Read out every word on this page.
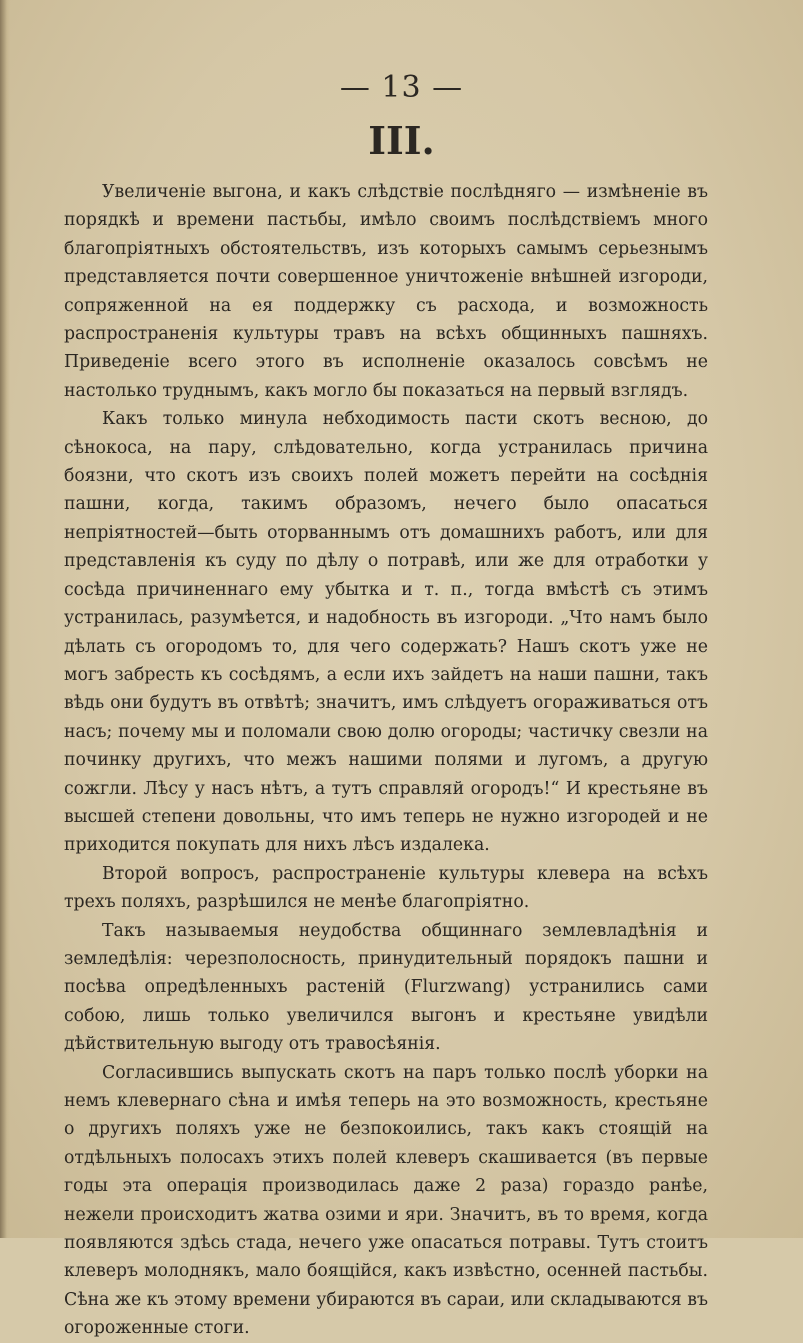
— 13 —
III.

Увеличеніе выгона, и какъ слѣдствіе послѣдняго — измѣненіе въ порядкѣ и времени пастьбы, имѣло своимъ послѣдствіемъ много благопріятныхъ обстоятельствъ, изъ которыхъ самымъ серьезнымъ представляется почти совершенное уничтоженіе внѣшней изгороди, сопряженной на ея поддержку съ расхода, и возможность распространенія культуры травъ на всѣхъ общинныхъ пашняхъ. Приведеніе всего этого въ исполненіе оказалось совсѣмъ не настолько труднымъ, какъ могло бы показаться на первый взглядъ.

Какъ только минула небходимость пасти скотъ весною, до сѣнокоса, на пару, слѣдовательно, когда устранилась причина боязни, что скотъ изъ своихъ полей можетъ перейти на сосѣднія пашни, когда, такимъ образомъ, нечего было опасаться непріятностей—быть оторваннымъ отъ домашнихъ работъ, или для представленія къ суду по дѣлу о потравѣ, или же для отработки у сосѣда причиненнаго ему убытка и т. п., тогда вмѣстѣ съ этимъ устранилась, разумѣется, и надобность въ изгороди. „Что намъ было дѣлать съ огородомъ то, для чего содержать? Нашъ скотъ уже не могъ забресть къ сосѣдямъ, а если ихъ зайдетъ на наши пашни, такъ вѣдь они будутъ въ отвѣтѣ; значитъ, имъ слѣдуетъ огораживаться отъ насъ; почему мы и поломали свою долю огороды; частичку свезли на починку другихъ, что межъ нашими полями и лугомъ, а другую сожгли. Лѣсу у насъ нѣтъ, а тутъ справляй огородъ!“ И крестьяне въ высшей степени довольны, что имъ теперь не нужно изгородей и не приходится покупать для нихъ лѣсъ издалека.

Второй вопросъ, распространеніе культуры клевера на всѣхъ трехъ поляхъ, разрѣшился не менѣе благопріятно.

Такъ называемыя неудобства общиннаго землевладѣнія и земледѣлія: черезполосность, принудительный порядокъ пашни и посѣва опредѣленныхъ растеній (Flurzwang) устранились сами собою, лишь только увеличился выгонъ и крестьяне увидѣли дѣйствительную выгоду отъ травосѣянія.

Согласившись выпускать скотъ на паръ только послѣ уборки на немъ клевернаго сѣна и имѣя теперь на это возможность, крестьяне о другихъ поляхъ уже не безпокоились, такъ какъ стоящій на отдѣльныхъ полосахъ этихъ полей клеверъ скашивается (въ первые годы эта операція производилась даже 2 раза) гораздо ранѣе, нежели происходитъ жатва озими и яри. Значитъ, въ то время, когда появляются здѣсь стада, нечего уже опасаться потравы. Тутъ стоитъ клеверъ молоднякъ, мало боящійся, какъ извѣстно, осенней пастьбы. Сѣна же къ этому времени убираются въ сараи, или складываются въ огороженные стоги.
